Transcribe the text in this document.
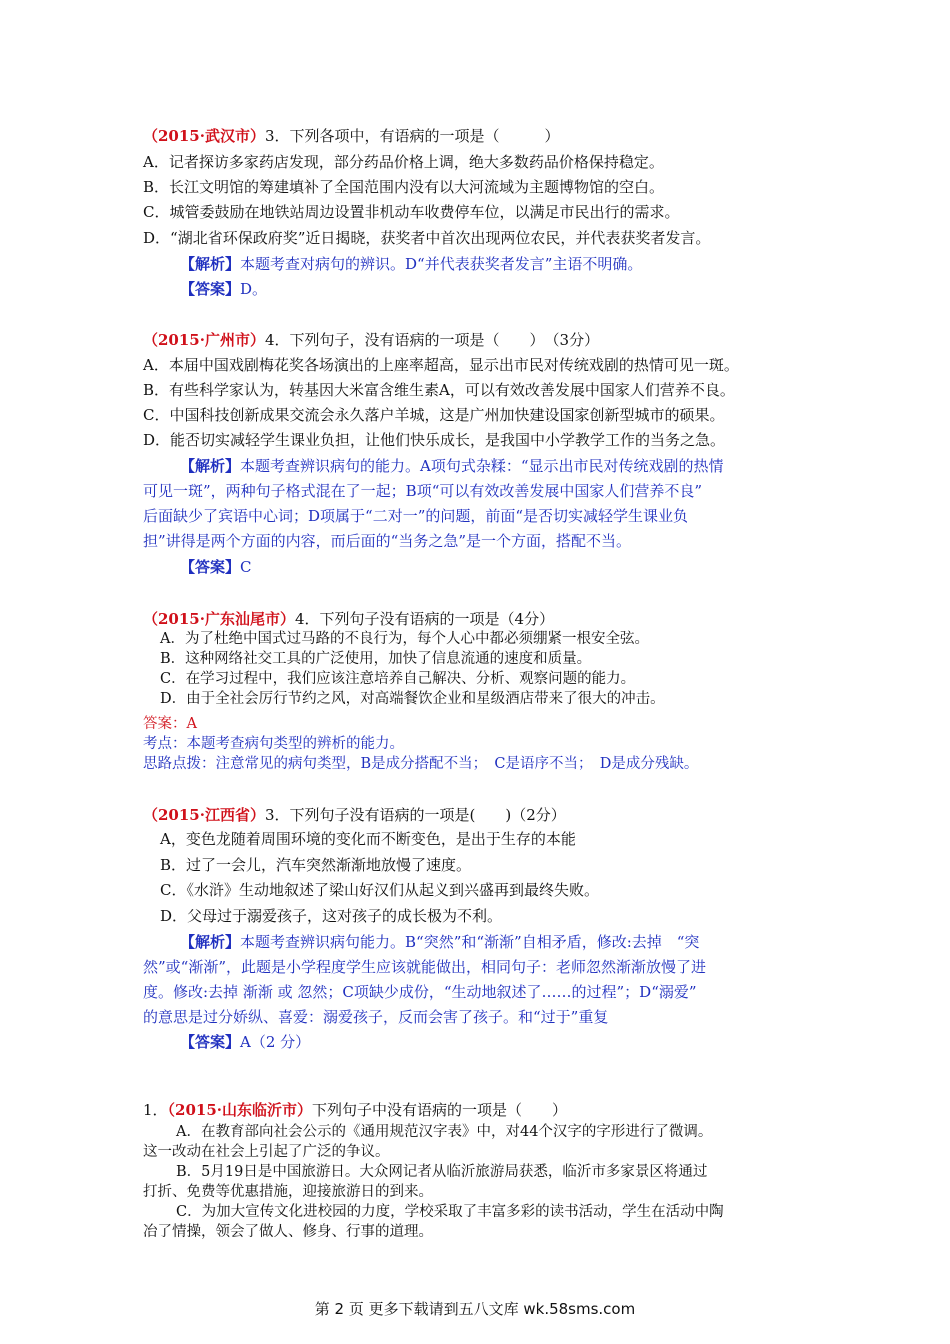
（2015·武汉市）3．下列各项中，有语病的一项是（　　　）
A．记者探访多家药店发现，部分药品价格上调，绝大多数药品价格保持稳定。
B．长江文明馆的筹建填补了全国范围内没有以大河流域为主题博物馆的空白。
C．城管委鼓励在地铁站周边设置非机动车收费停车位，以满足市民出行的需求。
D．“湖北省环保政府奖”近日揭晓，获奖者中首次出现两位农民，并代表获奖者发言。
【解析】本题考查对病句的辨识。D“并代表获奖者发言”主语不明确。
【答案】D。
（2015·广州市）4．下列句子，没有语病的一项是（　　）　（3分）
A．本届中国戏剧梅花奖各场演出的上座率超高，显示出市民对传统戏剧的热情可见一斑。
B．有些科学家认为，转基因大米富含维生素A，可以有效改善发展中国家人们营养不良。
C．中国科技创新成果交流会永久落户羊城，这是广州加快建设国家创新型城市的硕果。
D．能否切实减轻学生课业负担，让他们快乐成长，是我国中小学教学工作的当务之急。
【解析】本题考查辨识病句的能力。A项句式杂糅：“显示出市民对传统戏剧的热情
可见一斑”，两种句子格式混在了一起；B项“可以有效改善发展中国家人们营养不良”
后面缺少了宾语中心词；D项属于“二对一”的问题，前面“是否切实减轻学生课业负
担”讲得是两个方面的内容，而后面的“当务之急”是一个方面，搭配不当。
【答案】C
（2015·广东汕尾市）4．下列句子没有语病的一项是（4分）
A．为了杜绝中国式过马路的不良行为，每个人心中都必须绷紧一根安全弦。
B．这种网络社交工具的广泛使用，加快了信息流通的速度和质量。
C．在学习过程中，我们应该注意培养自己解决、分析、观察问题的能力。
D．由于全社会厉行节约之风，对高端餐饮企业和星级酒店带来了很大的冲击。
答案：A
考点：本题考查病句类型的辨析的能力。
思路点拨：注意常见的病句类型，B是成分搭配不当；　C是语序不当；　D是成分残缺。
（2015·江西省）3．下列句子没有语病的一项是(　　)（2分）
A，变色龙随着周围环境的变化而不断变色，是出于生存的本能
B．过了一会儿，汽车突然渐渐地放慢了速度。
C．《水浒》生动地叙述了梁山好汉们从起义到兴盛再到最终失败。
D．父母过于溺爱孩子，这对孩子的成长极为不利。
【解析】本题考查辨识病句能力。B“突然”和“渐渐”自相矛盾，修改:去掉　“突
然”或“渐渐”，此题是小学程度学生应该就能做出，相同句子：老师忽然渐渐放慢了进
度。修改:去掉 渐渐 或 忽然；C项缺少成份，“生动地叙述了……的过程”；D“溺爱”
的意思是过分娇纵、喜爱：溺爱孩子，反而会害了孩子。和“过于”重复
【答案】A（2 分）
1．（2015·山东临沂市）下列句子中没有语病的一项是（　　）
A．在教育部向社会公示的《通用规范汉字表》中，对44个汉字的字形进行了微调。
这一改动在社会上引起了广泛的争议。
B．5月19日是中国旅游日。大众网记者从临沂旅游局获悉，临沂市多家景区将通过
打折、免费等优惠措施，迎接旅游日的到来。
C．为加大宣传文化进校园的力度，学校采取了丰富多彩的读书活动，学生在活动中陶
冶了情操，领会了做人、修身、行事的道理。
第 2 页 更多下载请到五八文库 wk.58sms.com
